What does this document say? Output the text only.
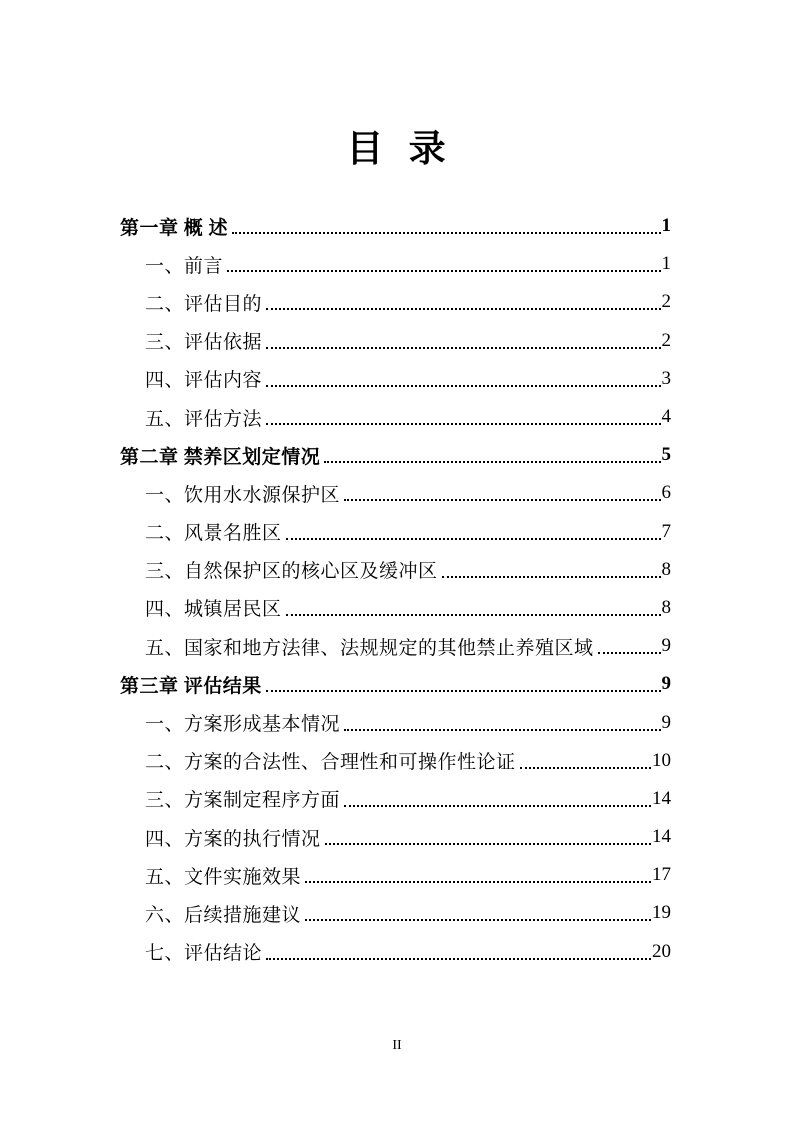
目 录
第一章 概 述	1
一、前言	1
二、评估目的	2
三、评估依据	2
四、评估内容	3
五、评估方法	4
第二章 禁养区划定情况	5
一、饮用水水源保护区	6
二、风景名胜区	7
三、自然保护区的核心区及缓冲区	8
四、城镇居民区	8
五、国家和地方法律、法规规定的其他禁止养殖区域	9
第三章 评估结果	9
一、方案形成基本情况	9
二、方案的合法性、合理性和可操作性论证	10
三、方案制定程序方面	14
四、方案的执行情况	14
五、文件实施效果	17
六、后续措施建议	19
七、评估结论	20
II
